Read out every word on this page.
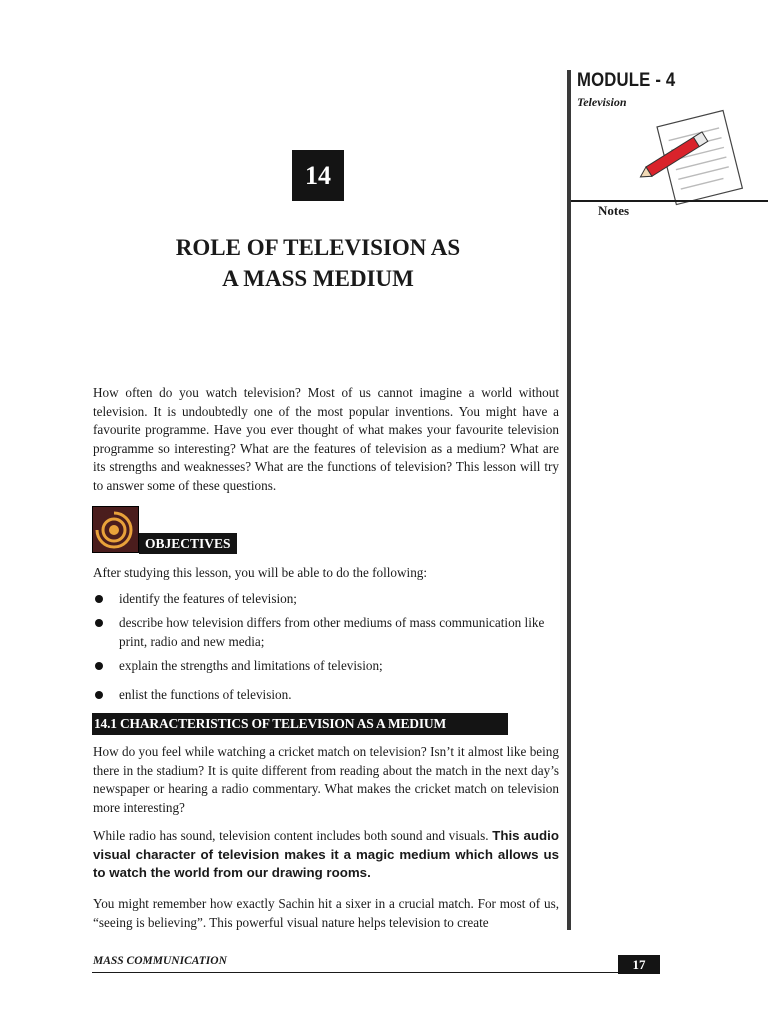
MODULE - 4
Television
Notes
14
ROLE OF TELEVISION AS
A MASS MEDIUM

How often do you watch television? Most of us cannot imagine a world without television. It is undoubtedly one of the most popular inventions. You might have a favourite programme. Have you ever thought of what makes your favourite television programme so interesting? What are the features of television as a medium? What are its strengths and weaknesses? What are the functions of television? This lesson will try to answer some of these questions.

OBJECTIVES

After studying this lesson, you will be able to do the following:

identify the features of television;
describe how television differs from other mediums of mass communication like print, radio and new media;
explain the strengths and limitations of television;
enlist the functions of television.
14.1 CHARACTERISTICS OF TELEVISION AS A MEDIUM

How do you feel while watching a cricket match on television? Isn’t it almost like being there in the stadium? It is quite different from reading about the match in the next day’s newspaper or hearing a radio commentary. What makes the cricket match on television more interesting?

While radio has sound, television content includes both sound and visuals. This audio visual character of television makes it a magic medium which allows us to watch the world from our drawing rooms.

You might remember how exactly Sachin hit a sixer in a crucial match. For most of us, “seeing is believing”. This powerful visual nature helps television to create

MASS COMMUNICATION	17
